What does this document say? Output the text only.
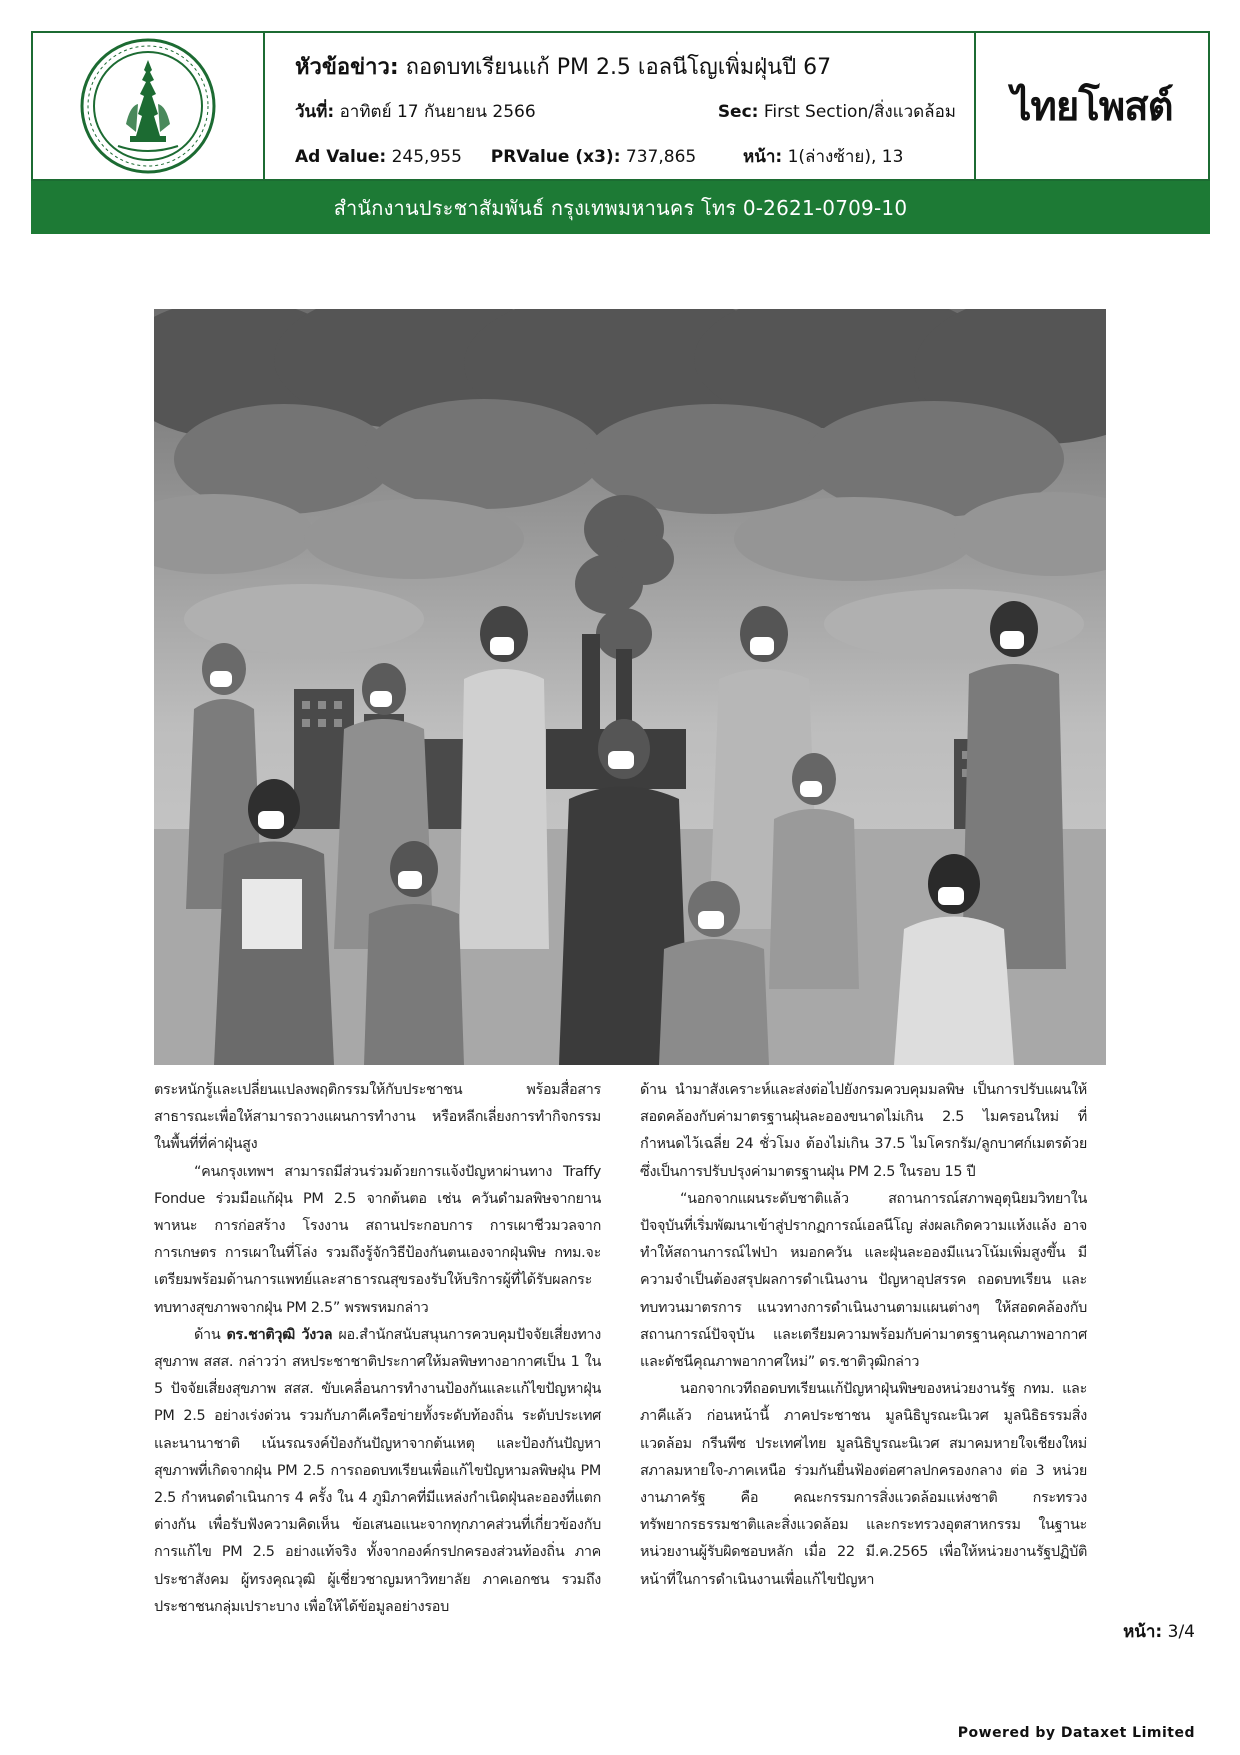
หัวข้อข่าว: ถอดบทเรียนแก้ PM 2.5 เอลนีโญเพิ่มฝุ่นปี 67
วันที่: อาทิตย์ 17 กันยายน 2566	Sec: First Section/สิ่งแวดล้อม
Ad Value: 245,955 PRValue (x3): 737,865	หน้า: 1(ล่างซ้าย), 13
ไทยโพสต์
สำนักงานประชาสัมพันธ์ กรุงเทพมหานคร โทร 0-2621-0709-10

ตระหนักรู้และเปลี่ยนแปลงพฤติกรรมให้กับประชาชน พร้อมสื่อสารสาธารณะเพื่อให้สามารถวางแผนการทำงาน หรือหลีกเลี่ยงการทำกิจกรรมในพื้นที่ที่ค่าฝุ่นสูง

“คนกรุงเทพฯ สามารถมีส่วนร่วมด้วยการแจ้งปัญหาผ่านทาง Traffy Fondue ร่วมมือแก้ฝุ่น PM 2.5 จากต้นตอ เช่น ควันดำมลพิษจากยานพาหนะ การก่อสร้าง โรงงาน สถานประกอบการ การเผาชีวมวลจากการเกษตร การเผาในที่โล่ง รวมถึงรู้จักวิธีป้องกันตนเองจากฝุ่นพิษ กทม.จะเตรียมพร้อมด้านการแพทย์และสาธารณสุขรองรับให้บริการผู้ที่ได้รับผลกระทบทางสุขภาพจากฝุ่น PM 2.5” พรพรหมกล่าว

ด้าน ดร.ชาติวุฒิ วังวล ผอ.สำนักสนับสนุนการควบคุมปัจจัยเสี่ยงทางสุขภาพ สสส. กล่าวว่า สหประชาชาติประกาศให้มลพิษทางอากาศเป็น 1 ใน 5 ปัจจัยเสี่ยงสุขภาพ สสส. ขับเคลื่อนการทำงานป้องกันและแก้ไขปัญหาฝุ่น PM 2.5 อย่างเร่งด่วน รวมกับภาคีเครือข่ายทั้งระดับท้องถิ่น ระดับประเทศ และนานาชาติ เน้นรณรงค์ป้องกันปัญหาจากต้นเหตุ และป้องกันปัญหาสุขภาพที่เกิดจากฝุ่น PM 2.5 การถอดบทเรียนเพื่อแก้ไขปัญหามลพิษฝุ่น PM 2.5 กำหนดดำเนินการ 4 ครั้ง ใน 4 ภูมิภาคที่มีแหล่งกำเนิดฝุ่นละอองที่แตกต่างกัน เพื่อรับฟังความคิดเห็น ข้อเสนอแนะจากทุกภาคส่วนที่เกี่ยวข้องกับการแก้ไข PM 2.5 อย่างแท้จริง ทั้งจากองค์กรปกครองส่วนท้องถิ่น ภาคประชาสังคม ผู้ทรงคุณวุฒิ ผู้เชี่ยวชาญมหาวิทยาลัย ภาคเอกชน รวมถึงประชาชนกลุ่มเปราะบาง เพื่อให้ได้ข้อมูลอย่างรอบ

ด้าน นำมาสังเคราะห์และส่งต่อไปยังกรมควบคุมมลพิษ เป็นการปรับแผนให้สอดคล้องกับค่ามาตรฐานฝุ่นละอองขนาดไม่เกิน 2.5 ไมครอนใหม่ ที่กำหนดไว้เฉลี่ย 24 ชั่วโมง ต้องไม่เกิน 37.5 ไมโครกรัม/ลูกบาศก์เมตรด้วย ซึ่งเป็นการปรับปรุงค่ามาตรฐานฝุ่น PM 2.5 ในรอบ 15 ปี

“นอกจากแผนระดับชาติแล้ว สถานการณ์สภาพอุตุนิยมวิทยาในปัจจุบันที่เริ่มพัฒนาเข้าสู่ปรากฏการณ์เอลนีโญ ส่งผลเกิดความแห้งแล้ง อาจทำให้สถานการณ์ไฟป่า หมอกควัน และฝุ่นละอองมีแนวโน้มเพิ่มสูงขึ้น มีความจำเป็นต้องสรุปผลการดำเนินงาน ปัญหาอุปสรรค ถอดบทเรียน และทบทวนมาตรการ แนวทางการดำเนินงานตามแผนต่างๆ ให้สอดคล้องกับสถานการณ์ปัจจุบัน และเตรียมความพร้อมกับค่ามาตรฐานคุณภาพอากาศและดัชนีคุณภาพอากาศใหม่” ดร.ชาติวุฒิกล่าว

นอกจากเวทีถอดบทเรียนแก้ปัญหาฝุ่นพิษของหน่วยงานรัฐ กทม. และภาคีแล้ว ก่อนหน้านี้ ภาคประชาชน มูลนิธิบูรณะนิเวศ มูลนิธิธรรมสิ่งแวดล้อม กรีนพีซ ประเทศไทย มูลนิธิบูรณะนิเวศ สมาคมหายใจเชียงใหม่ สภาลมหายใจ-ภาคเหนือ ร่วมกันยื่นฟ้องต่อศาลปกครองกลาง ต่อ 3 หน่วยงานภาครัฐ คือ คณะกรรมการสิ่งแวดล้อมแห่งชาติ กระทรวงทรัพยากรธรรมชาติและสิ่งแวดล้อม และกระทรวงอุตสาหกรรม ในฐานะหน่วยงานผู้รับผิดชอบหลัก เมื่อ 22 มี.ค.2565 เพื่อให้หน่วยงานรัฐปฏิบัติหน้าที่ในการดำเนินงานเพื่อแก้ไขปัญหา

หน้า: 3/4
Powered by Dataxet Limited
